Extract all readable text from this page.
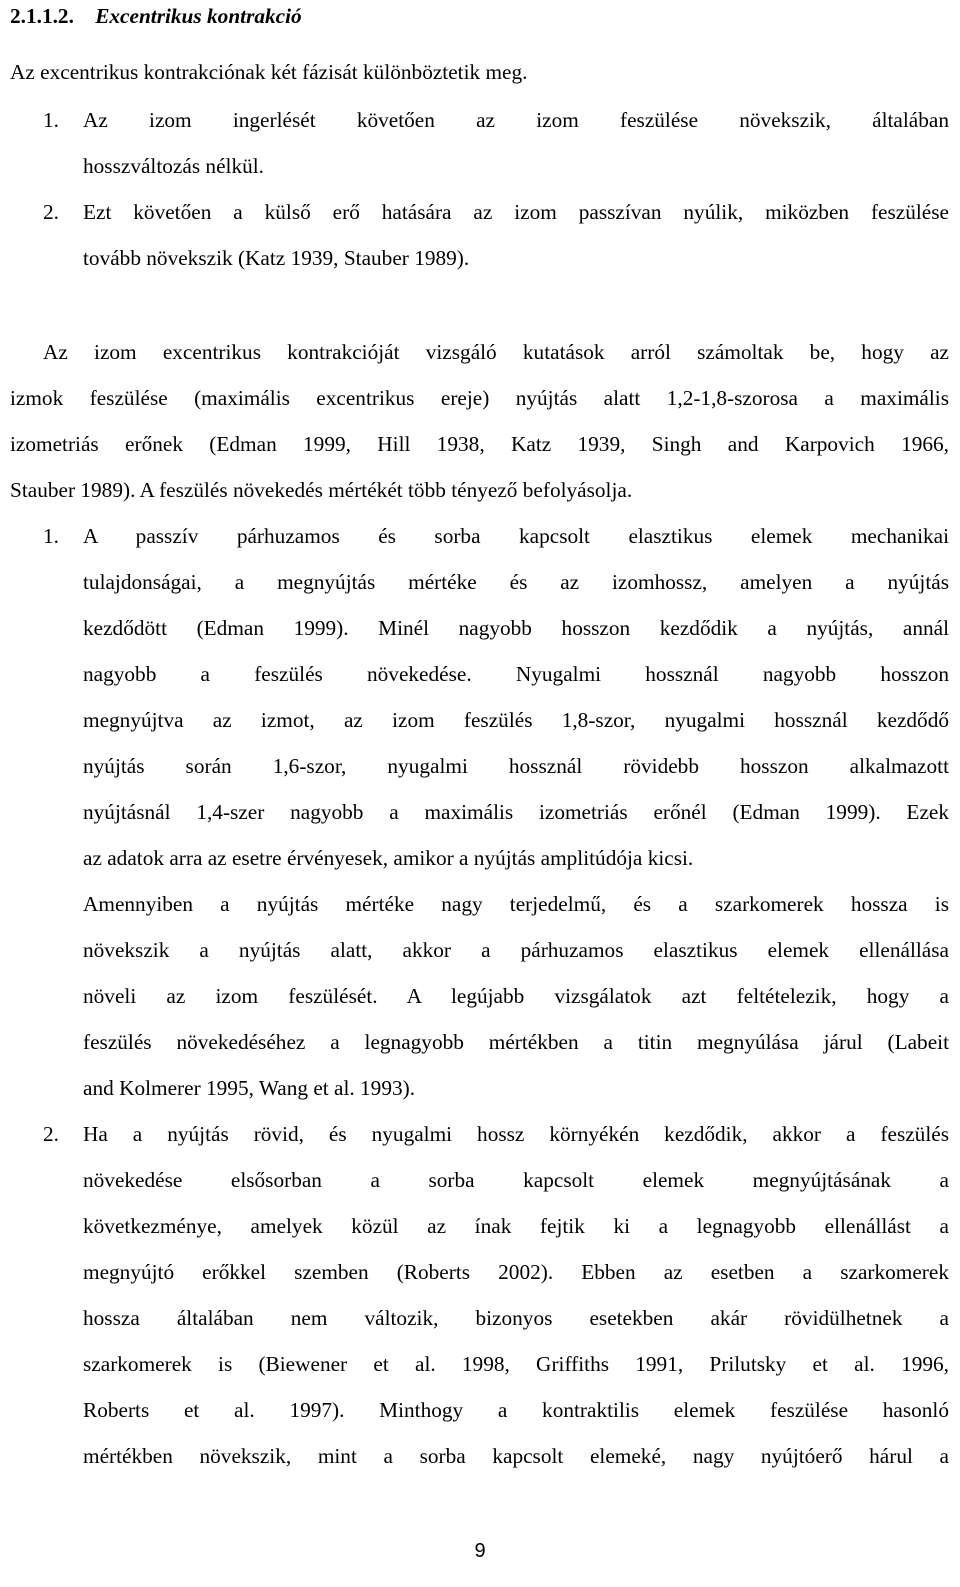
2.1.1.2. Excentrikus kontrakció
Az excentrikus kontrakciónak két fázisát különböztetik meg.
1. Az izom ingerlését követően az izom feszülése növekszik, általában
hosszváltozás nélkül.
2. Ezt követően a külső erő hatására az izom passzívan nyúlik, miközben feszülése
tovább növekszik (Katz 1939, Stauber 1989).
Az izom excentrikus kontrakcióját vizsgáló kutatások arról számoltak be, hogy az
izmok feszülése (maximális excentrikus ereje) nyújtás alatt 1,2-1,8-szorosa a maximális
izometriás erőnek (Edman 1999, Hill 1938, Katz 1939, Singh and Karpovich 1966,
Stauber 1989). A feszülés növekedés mértékét több tényező befolyásolja.
1. A passzív párhuzamos és sorba kapcsolt elasztikus elemek mechanikai
tulajdonságai, a megnyújtás mértéke és az izomhossz, amelyen a nyújtás
kezdődött (Edman 1999). Minél nagyobb hosszon kezdődik a nyújtás, annál
nagyobb a feszülés növekedése. Nyugalmi hossznál nagyobb hosszon
megnyújtva az izmot, az izom feszülés 1,8-szor, nyugalmi hossznál kezdődő
nyújtás során 1,6-szor, nyugalmi hossznál rövidebb hosszon alkalmazott
nyújtásnál 1,4-szer nagyobb a maximális izometriás erőnél (Edman 1999). Ezek
az adatok arra az esetre érvényesek, amikor a nyújtás amplitúdója kicsi.
Amennyiben a nyújtás mértéke nagy terjedelmű, és a szarkomerek hossza is
növekszik a nyújtás alatt, akkor a párhuzamos elasztikus elemek ellenállása
növeli az izom feszülését. A legújabb vizsgálatok azt feltételezik, hogy a
feszülés növekedéséhez a legnagyobb mértékben a titin megnyúlása járul (Labeit
and Kolmerer 1995, Wang et al. 1993).
2. Ha a nyújtás rövid, és nyugalmi hossz környékén kezdődik, akkor a feszülés
növekedése elsősorban a sorba kapcsolt elemek megnyújtásának a
következménye, amelyek közül az ínak fejtik ki a legnagyobb ellenállást a
megnyújtó erőkkel szemben (Roberts 2002). Ebben az esetben a szarkomerek
hossza általában nem változik, bizonyos esetekben akár rövidülhetnek a
szarkomerek is (Biewener et al. 1998, Griffiths 1991, Prilutsky et al. 1996,
Roberts et al. 1997). Minthogy a kontraktilis elemek feszülése hasonló
mértékben növekszik, mint a sorba kapcsolt elemeké, nagy nyújtóerő hárul a
9
